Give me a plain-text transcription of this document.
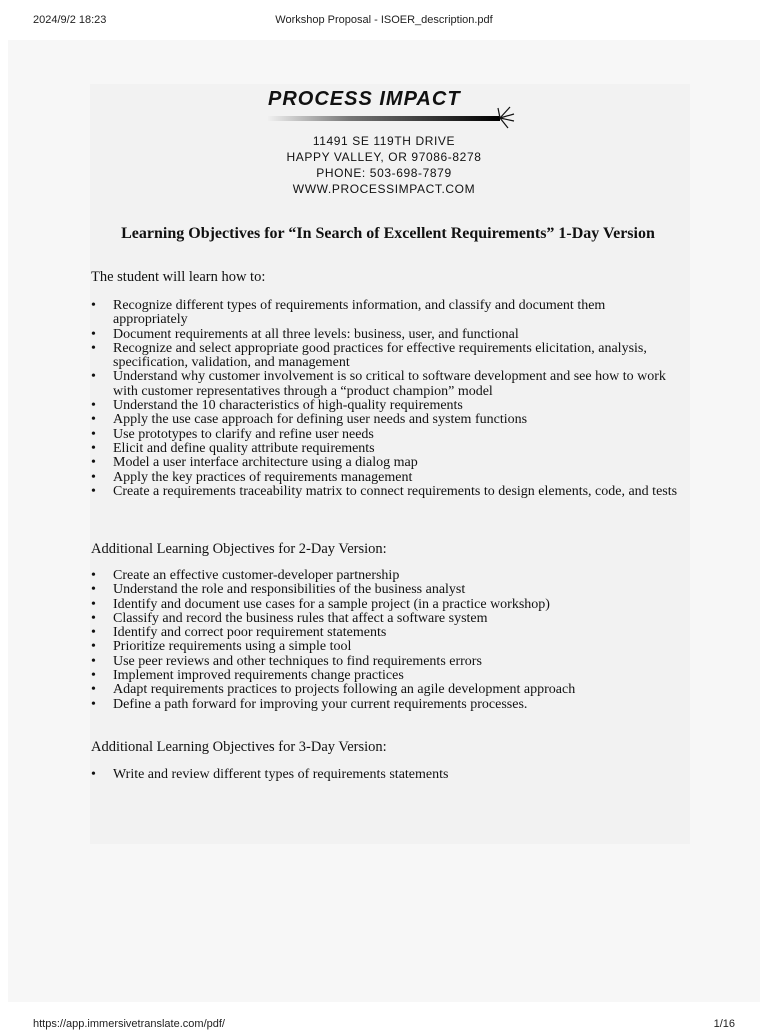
2024/9/2 18:23	Workshop Proposal - ISOER_description.pdf
PROCESS IMPACT
11491 SE 119TH DRIVE
HAPPY VALLEY, OR 97086-8278
PHONE: 503-698-7879
WWW.PROCESSIMPACT.COM
Learning Objectives for “In Search of Excellent Requirements” 1-Day Version
The student will learn how to:
• Recognize different types of requirements information, and classify and document them appropriately
• Document requirements at all three levels: business, user, and functional
• Recognize and select appropriate good practices for effective requirements elicitation, analysis, specification, validation, and management
• Understand why customer involvement is so critical to software development and see how to work with customer representatives through a “product champion” model
• Understand the 10 characteristics of high-quality requirements
• Apply the use case approach for defining user needs and system functions
• Use prototypes to clarify and refine user needs
• Elicit and define quality attribute requirements
• Model a user interface architecture using a dialog map
• Apply the key practices of requirements management
• Create a requirements traceability matrix to connect requirements to design elements, code, and tests
Additional Learning Objectives for 2-Day Version:
• Create an effective customer-developer partnership
• Understand the role and responsibilities of the business analyst
• Identify and document use cases for a sample project (in a practice workshop)
• Classify and record the business rules that affect a software system
• Identify and correct poor requirement statements
• Prioritize requirements using a simple tool
• Use peer reviews and other techniques to find requirements errors
• Implement improved requirements change practices
• Adapt requirements practices to projects following an agile development approach
• Define a path forward for improving your current requirements processes.
Additional Learning Objectives for 3-Day Version:
• Write and review different types of requirements statements
https://app.immersivetranslate.com/pdf/	1/16
